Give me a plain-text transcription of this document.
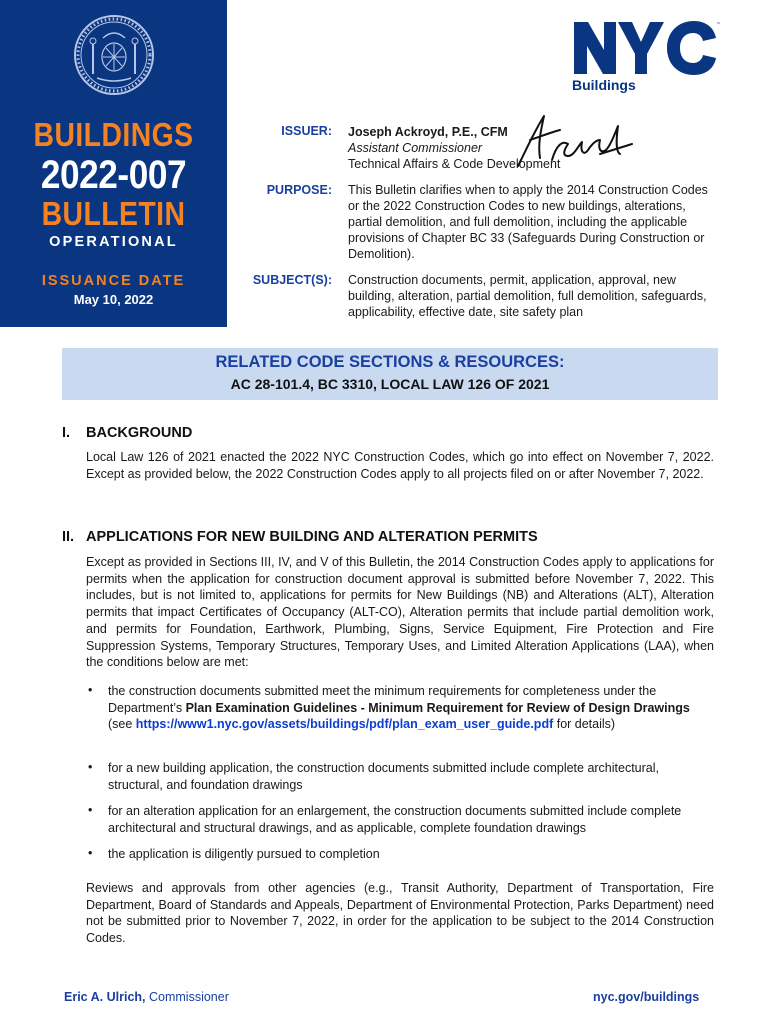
BUILDINGS
2022-007
BULLETIN
OPERATIONAL
ISSUANCE DATE
May 10, 2022
™
Buildings
ISSUER: Joseph Ackroyd, P.E., CFM
Assistant Commissioner
Technical Affairs & Code Development
PURPOSE: This Bulletin clarifies when to apply the 2014 Construction Codes or the 2022 Construction Codes to new buildings, alterations, partial demolition, and full demolition, including the applicable provisions of Chapter BC 33 (Safeguards During Construction or Demolition).
SUBJECT(S): Construction documents, permit, application, approval, new building, alteration, partial demolition, full demolition, safeguards, applicability, effective date, site safety plan
RELATED CODE SECTIONS & RESOURCES:
AC 28-101.4, BC 3310, LOCAL LAW 126 OF 2021
I. BACKGROUND
Local Law 126 of 2021 enacted the 2022 NYC Construction Codes, which go into effect on November 7, 2022. Except as provided below, the 2022 Construction Codes apply to all projects filed on or after November 7, 2022.
II. APPLICATIONS FOR NEW BUILDING AND ALTERATION PERMITS
Except as provided in Sections III, IV, and V of this Bulletin, the 2014 Construction Codes apply to applications for permits when the application for construction document approval is submitted before November 7, 2022. This includes, but is not limited to, applications for permits for New Buildings (NB) and Alterations (ALT), Alteration permits that impact Certificates of Occupancy (ALT-CO), Alteration permits that include partial demolition work, and permits for Foundation, Earthwork, Plumbing, Signs, Service Equipment, Fire Protection and Fire Suppression Systems, Temporary Structures, Temporary Uses, and Limited Alteration Applications (LAA), when the conditions below are met:
• the construction documents submitted meet the minimum requirements for completeness under the Department’s Plan Examination Guidelines - Minimum Requirement for Review of Design Drawings (see https://www1.nyc.gov/assets/buildings/pdf/plan_exam_user_guide.pdf for details)
• for a new building application, the construction documents submitted include complete architectural, structural, and foundation drawings
• for an alteration application for an enlargement, the construction documents submitted include complete architectural and structural drawings, and as applicable, complete foundation drawings
• the application is diligently pursued to completion
Reviews and approvals from other agencies (e.g., Transit Authority, Department of Transportation, Fire Department, Board of Standards and Appeals, Department of Environmental Protection, Parks Department) need not be submitted prior to November 7, 2022, in order for the application to be subject to the 2014 Construction Codes.
Eric A. Ulrich, Commissioner	nyc.gov/buildings
